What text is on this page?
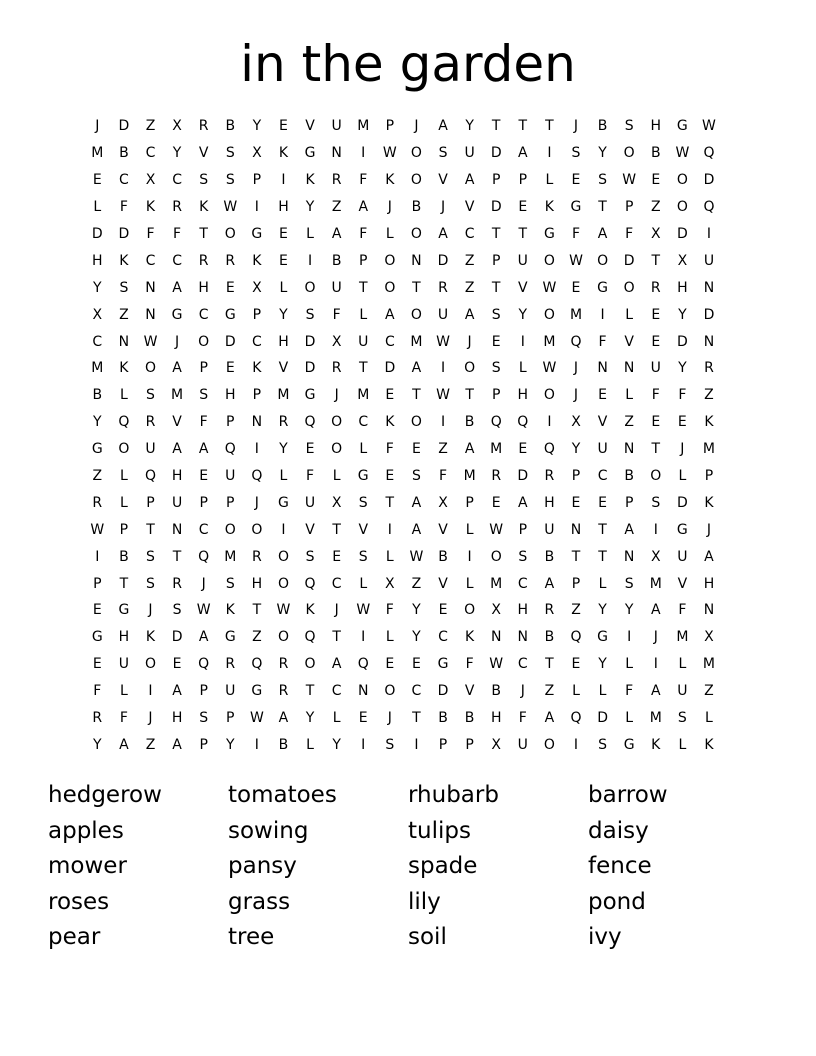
in the garden
J	D	Z	X	R	B	Y	E	V	U	M	P	J	A	Y	T	T	T	J	B	S	H	G	W
M	B	C	Y	V	S	X	K	G	N	I	W	O	S	U	D	A	I	S	Y	O	B	W	Q
E	C	X	C	S	S	P	I	K	R	F	K	O	V	A	P	P	L	E	S	W	E	O	D
L	F	K	R	K	W	I	H	Y	Z	A	J	B	J	V	D	E	K	G	T	P	Z	O	Q
D	D	F	F	T	O	G	E	L	A	F	L	O	A	C	T	T	G	F	A	F	X	D	I
H	K	C	C	R	R	K	E	I	B	P	O	N	D	Z	P	U	O	W	O	D	T	X	U
Y	S	N	A	H	E	X	L	O	U	T	O	T	R	Z	T	V	W	E	G	O	R	H	N
X	Z	N	G	C	G	P	Y	S	F	L	A	O	U	A	S	Y	O	M	I	L	E	Y	D
C	N	W	J	O	D	C	H	D	X	U	C	M W	J	E	I	M	Q	F	V	E	D	N
M	K	O	A	P	E	K	V	D	R	T	D	A	I	O	S	L	W	J	N	N	U	Y	R
B	L	S	M	S	H	P	M	G	J	M	E	T	W	T	P	H	O	J	E	L	F	F	Z
Y	Q	R	V	F	P	N	R	Q	O	C	K	O	I	B	Q	Q	I	X	V	Z	E	E	K
G	O	U	A	A	Q	I	Y	E	O	L	F	E	Z	A	M	E	Q	Y	U	N	T	J	M
Z	L	Q	H	E	U	Q	L	F	L	G	E	S	F	M	R	D	R	P	C	B	O	L	P
R	L	P	U	P	P	J	G	U	X	S	T	A	X	P	E	A	H	E	E	P	S	D	K
W	P	T	N	C	O	O	I	V	T	V	I	A	V	L	W	P	U	N	T	A	I	G	J
I	B	S	T	Q	M	R	O	S	E	S	L	W	B	I	O	S	B	T	T	N	X	U	A
P	T	S	R	J	S	H	O	Q	C	L	X	Z	V	L	M	C	A	P	L	S	M	V	H
E	G	J	S	W	K	T	W	K	J	W	F	Y	E	O	X	H	R	Z	Y	Y	A	F	N
G	H	K	D	A	G	Z	O	Q	T	I	L	Y	C	K	N	N	B	Q	G	I	J	M	X
E	U	O	E	Q	R	Q	R	O	A	Q	E	E	G	F	W	C	T	E	Y	L	I	L	M
F	L	I	A	P	U	G	R	T	C	N	O	C	D	V	B	J	Z	L	L	F	A	U	Z
R	F	J	H	S	P	W	A	Y	L	E	J	T	B	B	H	F	A	Q	D	L	M	S	L
Y	A	Z	A	P	Y	I	B	L	Y	I	S	I	P	P	X	U	O	I	S	G	K	L	K
hedgerow
apples
mower
roses
pear
tomatoes
sowing
pansy
grass
tree
rhubarb
tulips
spade
lily
soil
barrow
daisy
fence
pond
ivy
